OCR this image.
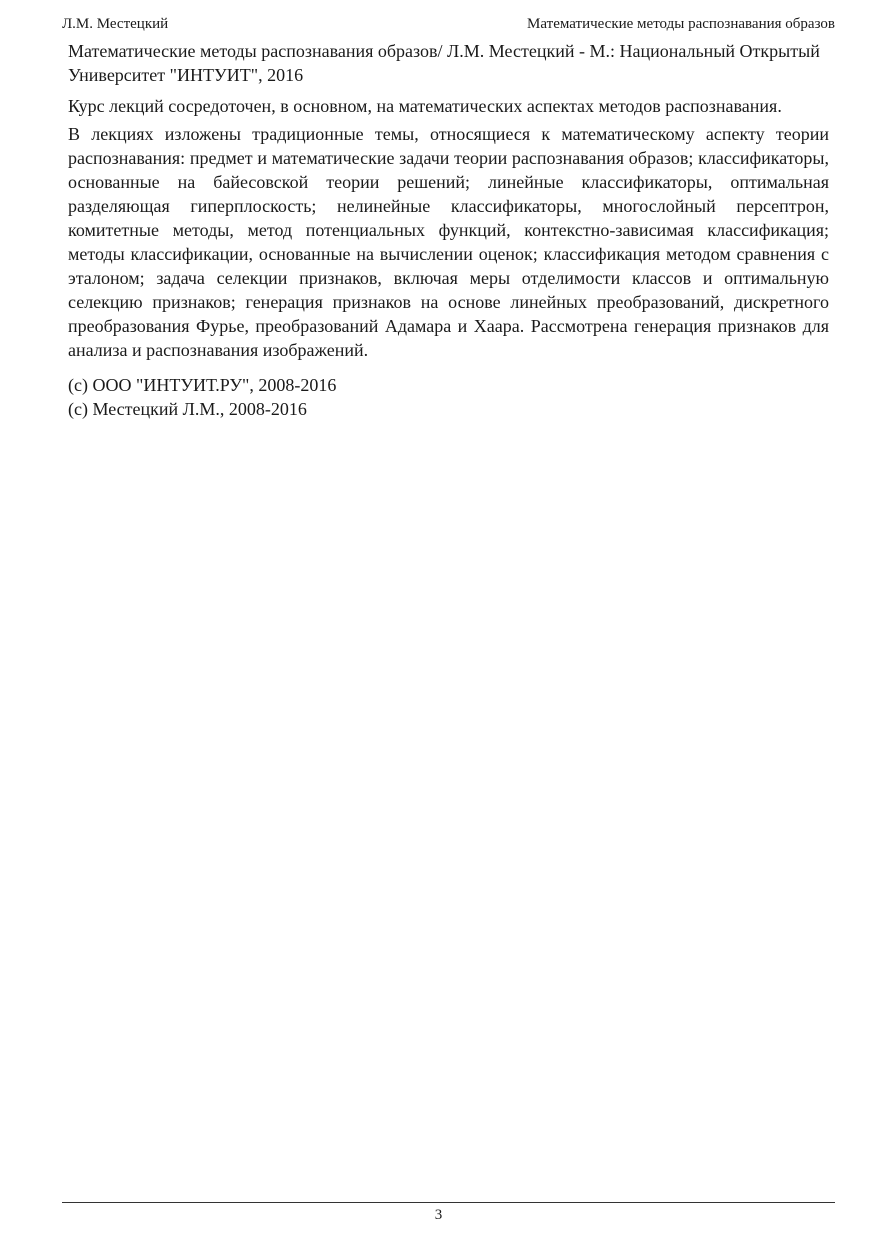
Л.М. Местецкий	Математические методы распознавания образов

Математические методы распознавания образов/ Л.М. Местецкий - М.: Национальный Открытый Университет "ИНТУИТ", 2016

Курс лекций сосредоточен, в основном, на математических аспектах методов распознавания.

В лекциях изложены традиционные темы, относящиеся к математическому аспекту теории распознавания: предмет и математические задачи теории распознавания образов; классификаторы, основанные на байесовской теории решений; линейные классификаторы, оптимальная разделяющая гиперплоскость; нелинейные классификаторы, многослойный персептрон, комитетные методы, метод потенциальных функций, контекстно-зависимая классификация; методы классификации, основанные на вычислении оценок; классификация методом сравнения с эталоном; задача селекции признаков, включая меры отделимости классов и оптимальную селекцию признаков; генерация признаков на основе линейных преобразований, дискретного преобразования Фурье, преобразований Адамара и Хаара. Рассмотрена генерация признаков для анализа и распознавания изображений.

(c) ООО "ИНТУИТ.РУ", 2008-2016

(c) Местецкий Л.М., 2008-2016

3
